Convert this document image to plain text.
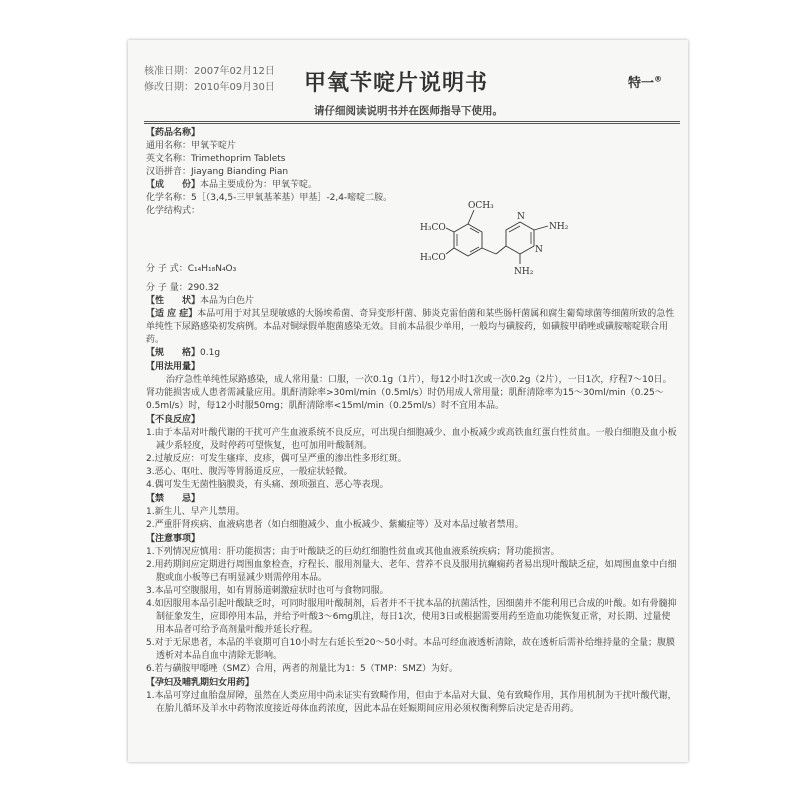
核准日期：2007年02月12日
修改日期：2010年09月30日 甲氧苄啶片说明书	特一®
请仔细阅读说明书并在医师指导下使用。
OCH₃
H₃CO
H₃CO
NH₂
NH₂
N
N
【药品名称】
通用名称：甲氧苄啶片
英文名称：Trimethoprim Tablets
汉语拼音：Jiayang Bianding Pian
【成　　份】本品主要成份为：甲氧苄啶。
化学名称：5［（3,4,5-三甲氧基苯基）甲基］-2,4-嘧啶二胺。
化学结构式：
分 子 式：C₁₄H₁₈N₄O₃
分 子 量：290.32
【性　　状】本品为白色片
【适 应 症】本品可用于对其呈现敏感的大肠埃希菌、奇异变形杆菌、肺炎克雷伯菌和某些肠杆菌属和腐生葡萄球菌等细菌所致的急性单纯性下尿路感染初发病例。本品对铜绿假单胞菌感染无效。目前本品很少单用，一般均与磺胺药，如磺胺甲硝唑或磺胺嘧啶联合用药。
【规　　格】0.1g
【用法用量】
治疗急性单纯性尿路感染，成人常用量：口服，一次0.1g（1片），每12小时1次或一次0.2g（2片），一日1次，疗程7～10日。肾功能损害成人患者需减量应用。肌酐清除率>30ml/min（0.5ml/s）时仍用成人常用量；肌酐清除率为15～30ml/min（0.25～0.5ml/s）时，每12小时服50mg；肌酐清除率<15ml/min（0.25ml/s）时不宜用本品。
【不良反应】
1.由于本品对叶酸代谢的干扰可产生血液系统不良反应，可出现白细胞减少、血小板减少或高铁血红蛋白性贫血。一般白细胞及血小板减少系轻度，及时停药可望恢复，也可加用叶酸制剂。
2.过敏反应：可发生瘙痒、皮疹，偶可呈严重的渗出性多形红斑。
3.恶心、呕吐、腹泻等胃肠道反应，一般症状轻微。
4.偶可发生无菌性脑膜炎，有头痛、颈项强直、恶心等表现。
【禁　　忌】
1.新生儿、早产儿禁用。
2.严重肝肾疾病、血液病患者（如白细胞减少、血小板减少、紫癜症等）及对本品过敏者禁用。
【注意事项】
1.下列情况应慎用：肝功能损害；由于叶酸缺乏的巨幼红细胞性贫血或其他血液系统疾病；肾功能损害。
2.用药期间应定期进行周围血象检查，疗程长、服用剂量大、老年、营养不良及服用抗癫痫药者易出现叶酸缺乏症，如周围血象中白细胞或血小板等已有明显减少则需停用本品。
3.本品可空腹服用，如有胃肠道刺激症状时也可与食物同服。
4.如因服用本品引起叶酸缺乏时，可同时服用叶酸制剂，后者并不干扰本品的抗菌活性，因细菌并不能利用已合成的叶酸。如有骨髓抑制征象发生，应即停用本品，并给予叶酸3～6mg肌注，每日1次，使用3日或根据需要用药至造血功能恢复正常，对长期、过量使用本品者可给予高剂量叶酸并延长疗程。
5.对于无尿患者，本品的半衰期可自10小时左右延长至20～50小时。本品可经血液透析清除，故在透析后需补给维持量的全量；腹膜透析对本品自血中清除无影响。
6.若与磺胺甲噁唑（SMZ）合用，两者的剂量比为1：5（TMP：SMZ）为好。
【孕妇及哺乳期妇女用药】
1.本品可穿过血胎盘屏障，虽然在人类应用中尚未证实有致畸作用，但由于本品对大鼠、兔有致畸作用，其作用机制为干扰叶酸代谢，在胎儿循环及羊水中药物浓度接近母体血药浓度，因此本品在妊娠期间应用必须权衡利弊后决定是否用药。
